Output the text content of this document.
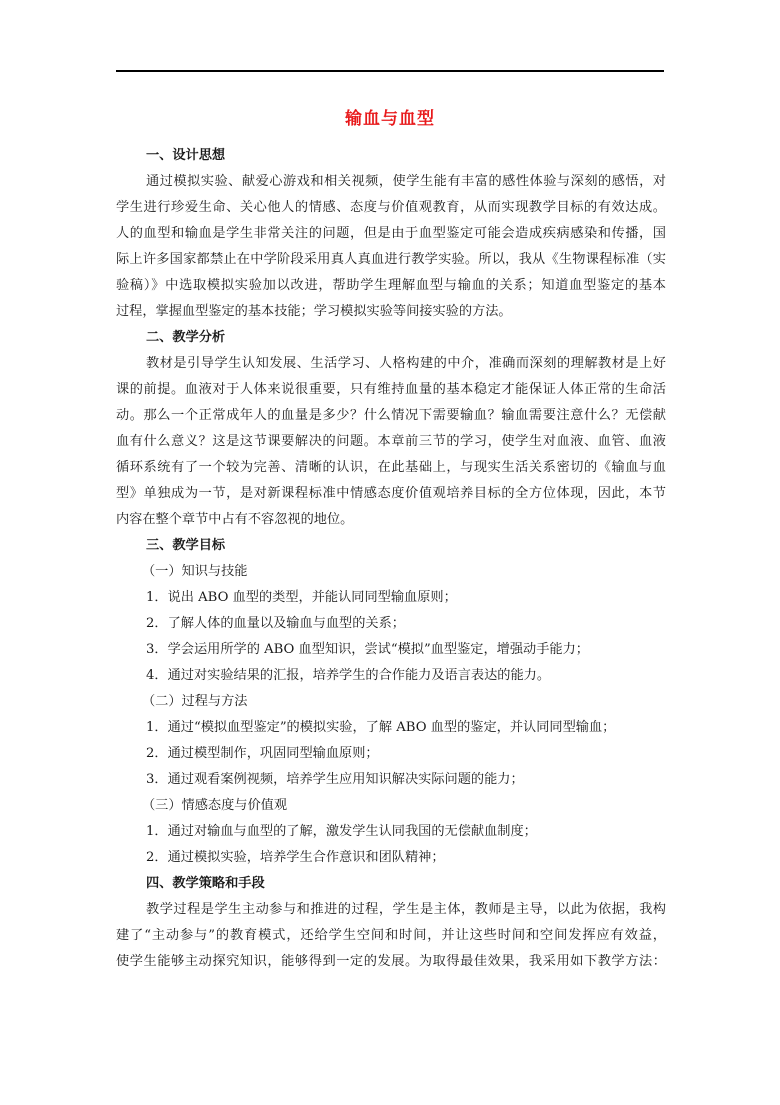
输血与血型
一、设计思想
通过模拟实验、献爱心游戏和相关视频，使学生能有丰富的感性体验与深刻的感悟，对
学生进行珍爱生命、关心他人的情感、态度与价值观教育，从而实现教学目标的有效达成。
人的血型和输血是学生非常关注的问题，但是由于血型鉴定可能会造成疾病感染和传播，国
际上许多国家都禁止在中学阶段采用真人真血进行教学实验。所以，我从《生物课程标准（实
验稿）》中选取模拟实验加以改进，帮助学生理解血型与输血的关系；知道血型鉴定的基本
过程，掌握血型鉴定的基本技能；学习模拟实验等间接实验的方法。
二、教学分析
教材是引导学生认知发展、生活学习、人格构建的中介，准确而深刻的理解教材是上好
课的前提。血液对于人体来说很重要，只有维持血量的基本稳定才能保证人体正常的生命活
动。那么一个正常成年人的血量是多少？什么情况下需要输血？输血需要注意什么？无偿献
血有什么意义？这是这节课要解决的问题。本章前三节的学习，使学生对血液、血管、血液
循环系统有了一个较为完善、清晰的认识，在此基础上，与现实生活关系密切的《输血与血
型》单独成为一节，是对新课程标准中情感态度价值观培养目标的全方位体现，因此，本节
内容在整个章节中占有不容忽视的地位。
三、教学目标
（一）知识与技能
1．说出 ABO 血型的类型，并能认同同型输血原则；
2．了解人体的血量以及输血与血型的关系；
3．学会运用所学的 ABO 血型知识，尝试“模拟”血型鉴定，增强动手能力；
4．通过对实验结果的汇报，培养学生的合作能力及语言表达的能力。
（二）过程与方法
1．通过“模拟血型鉴定”的模拟实验，了解 ABO 血型的鉴定，并认同同型输血；
2．通过模型制作，巩固同型输血原则；
3．通过观看案例视频，培养学生应用知识解决实际问题的能力；
（三）情感态度与价值观
1．通过对输血与血型的了解，激发学生认同我国的无偿献血制度；
2．通过模拟实验，培养学生合作意识和团队精神；
四、教学策略和手段
教学过程是学生主动参与和推进的过程，学生是主体，教师是主导，以此为依据，我构
建了“主动参与”的教育模式，还给学生空间和时间，并让这些时间和空间发挥应有效益，
使学生能够主动探究知识，能够得到一定的发展。为取得最佳效果，我采用如下教学方法：
